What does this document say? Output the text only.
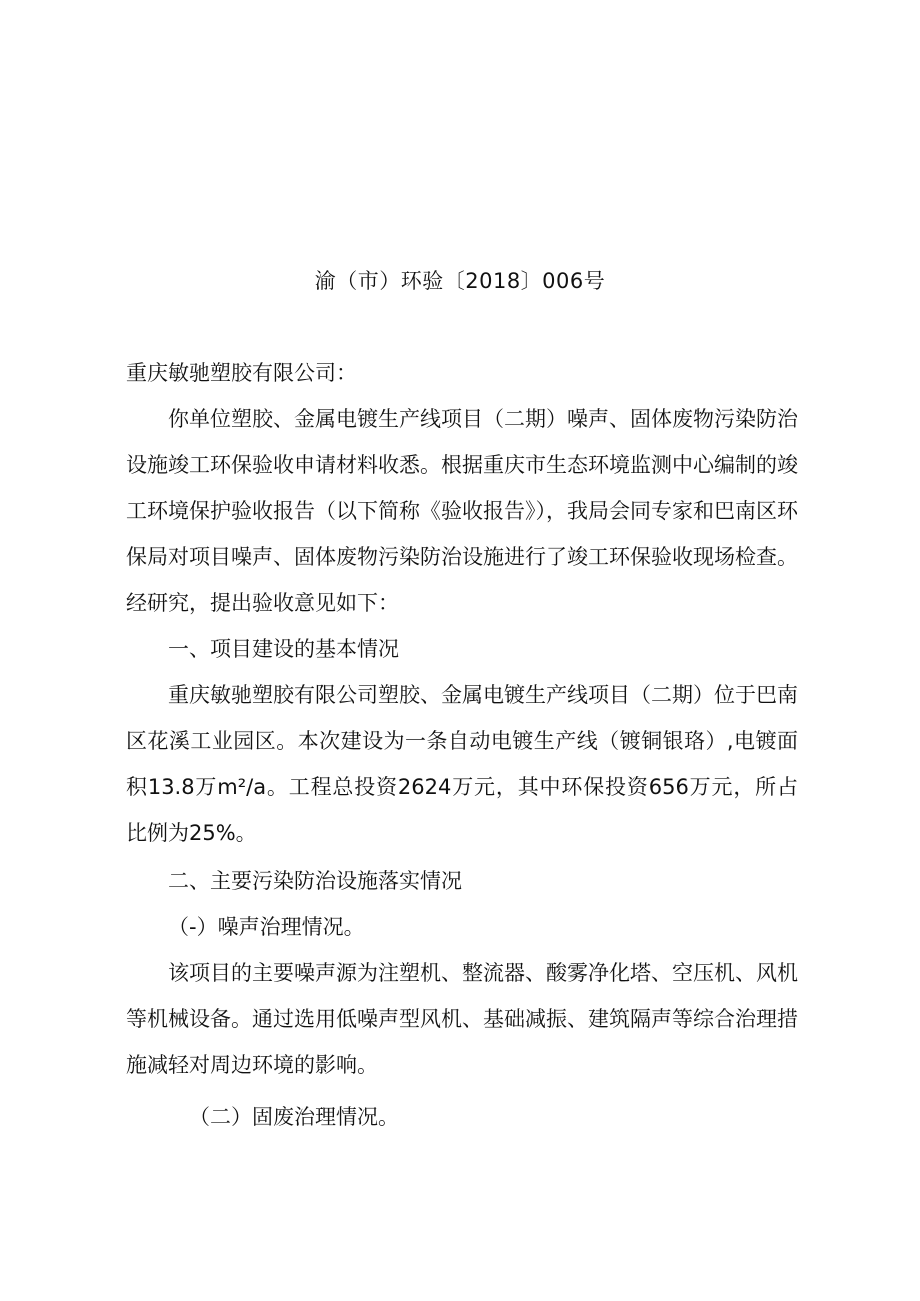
渝（市）环验〔2018〕006号

重庆敏驰塑胶有限公司：

你单位塑胶、金属电镀生产线项目（二期）噪声、固体废物污染防治设施竣工环保验收申请材料收悉。根据重庆市生态环境监测中心编制的竣工环境保护验收报告（以下简称《验收报告》），我局会同专家和巴南区环保局对项目噪声、固体废物污染防治设施进行了竣工环保验收现场检查。经研究，提出验收意见如下：

一、项目建设的基本情况

重庆敏驰塑胶有限公司塑胶、金属电镀生产线项目（二期）位于巴南区花溪工业园区。本次建设为一条自动电镀生产线（镀铜银珞）,电镀面积13.8万m²/a。工程总投资2624万元，其中环保投资656万元，所占比例为25%。

二、主要污染防治设施落实情况

（-）噪声治理情况。

该项目的主要噪声源为注塑机、整流器、酸雾净化塔、空压机、风机等机械设备。通过选用低噪声型风机、基础减振、建筑隔声等综合治理措施减轻对周边环境的影响。

（二）固废治理情况。
